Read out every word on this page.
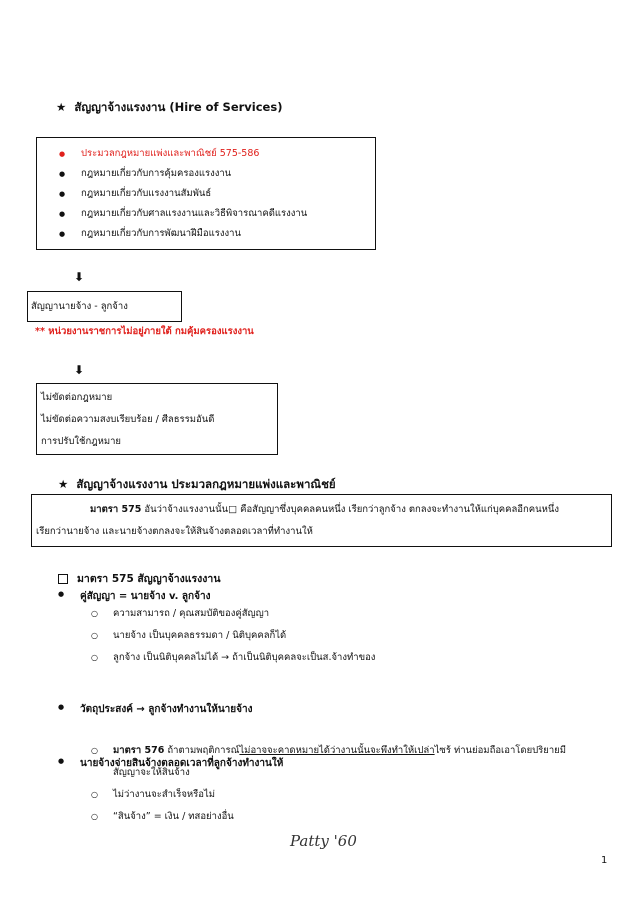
★ สัญญาจ้างแรงงาน (Hire of Services)
● ประมวลกฎหมายแพ่งและพาณิชย์ 575-586
● กฎหมายเกี่ยวกับการคุ้มครองแรงงาน
● กฎหมายเกี่ยวกับแรงงานสัมพันธ์
● กฎหมายเกี่ยวกับศาลแรงงานและวิธีพิจารณาคดีแรงงาน
● กฎหมายเกี่ยวกับการพัฒนาฝีมือแรงงาน
⬇
สัญญานายจ้าง - ลูกจ้าง
** หน่วยงานราชการไม่อยู่ภายใต้ กมคุ้มครองแรงงาน
⬇
ไม่ขัดต่อกฎหมาย
ไม่ขัดต่อความสงบเรียบร้อย / ศีลธรรมอันดี
การปรับใช้กฎหมาย
★ สัญญาจ้างแรงงาน ประมวลกฎหมายแพ่งและพาณิชย์
มาตรา 575 อันว่าจ้างแรงงานนั้น□ คือสัญญาซึ่งบุคคลคนหนึ่ง เรียกว่าลูกจ้าง ตกลงจะทำงานให้แก่บุคคลอีกคนหนึ่ง
เรียกว่านายจ้าง และนายจ้างตกลงจะให้สินจ้างตลอดเวลาที่ทำงานให้
มาตรา 575 สัญญาจ้างแรงงาน
● คู่สัญญา = นายจ้าง v. ลูกจ้าง
○ ความสามารถ / คุณสมบัติของคู่สัญญา
○ นายจ้าง เป็นบุคคลธรรมดา / นิติบุคคลก็ได้
○ ลูกจ้าง เป็นนิติบุคคลไม่ได้ → ถ้าเป็นนิติบุคคลจะเป็นส.จ้างทำของ
● วัตถุประสงค์ → ลูกจ้างทำงานให้นายจ้าง
● นายจ้างจ่ายสินจ้างตลอดเวลาที่ลูกจ้างทำงานให้
○ มาตรา 576 ถ้าตามพฤติการณ์ไม่อาจจะคาดหมายได้ว่างานนั้นจะพึงทำให้เปล่าไซร้ ท่านย่อมถือเอาโดยปริยายมี
สัญญาจะให้สินจ้าง
○ ไม่ว่างานจะสำเร็จหรือไม่
○ “สินจ้าง” = เงิน / ทสอย่างอื่น
Patty '60
1
